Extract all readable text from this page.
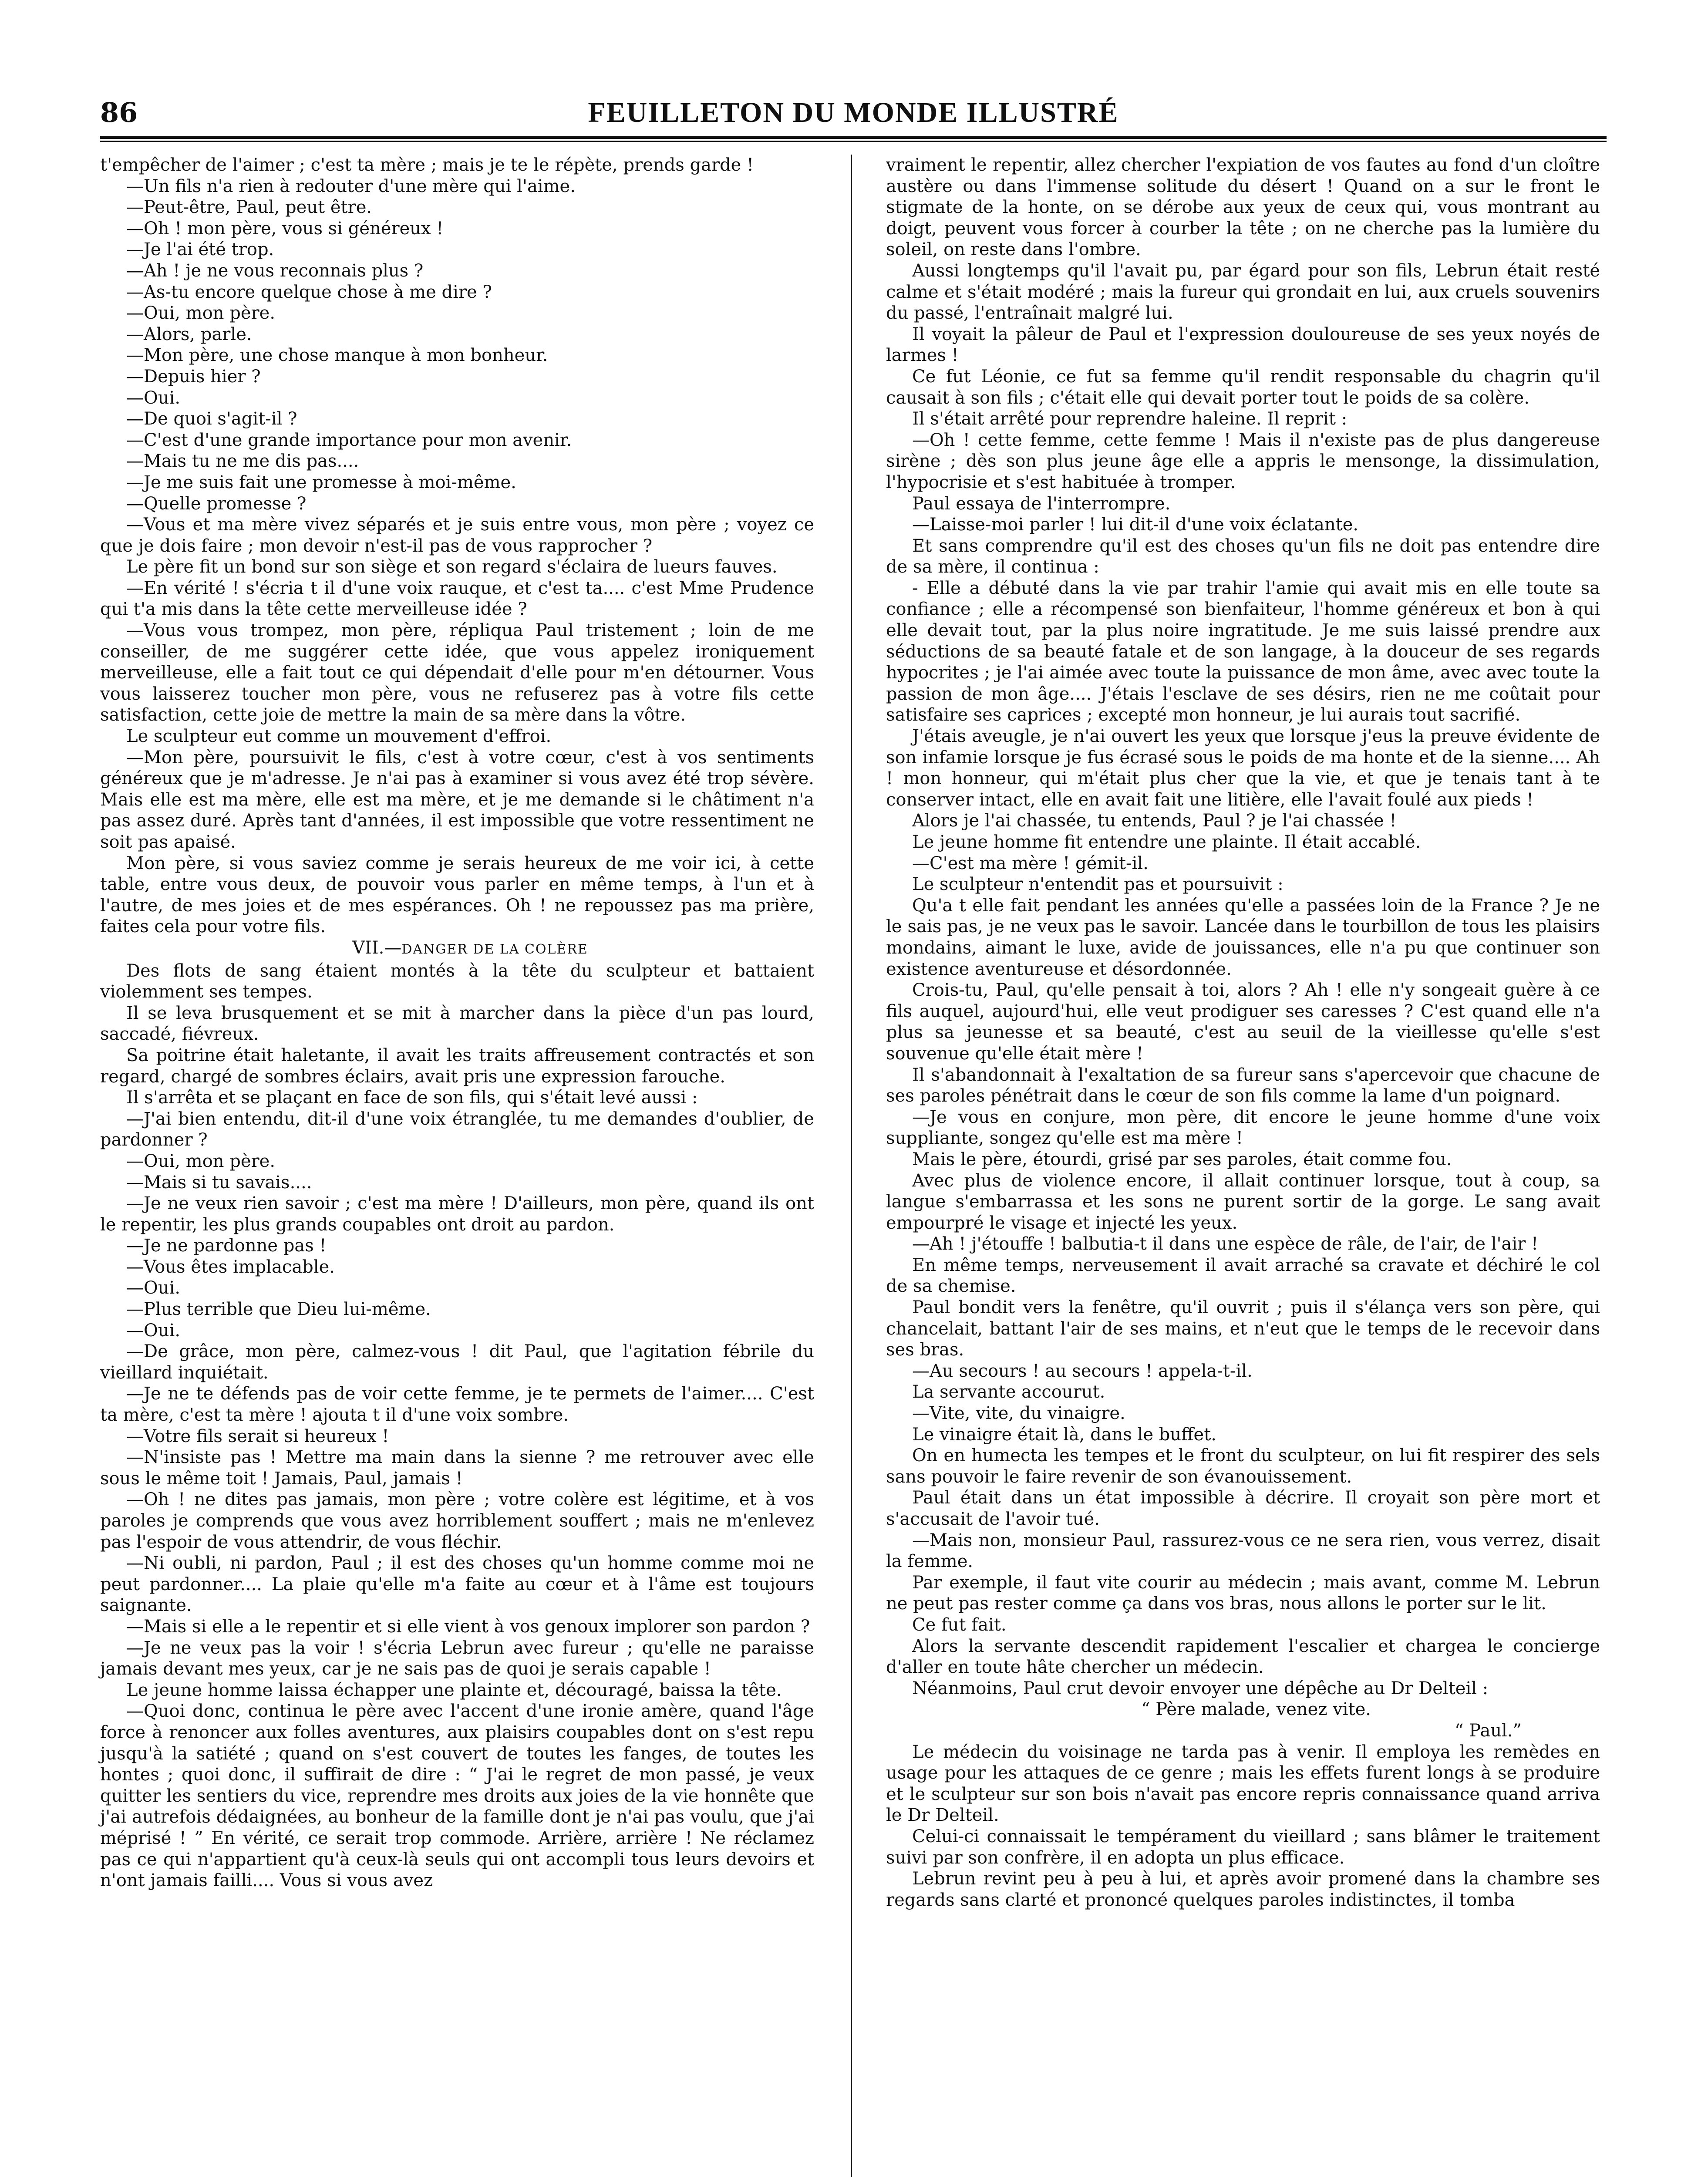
86	FEUILLETON DU MONDE ILLUSTRÉ

t'empêcher de l'aimer ; c'est ta mère ; mais je te le répète, prends garde !

—Un fils n'a rien à redouter d'une mère qui l'aime.

—Peut-être, Paul, peut être.

—Oh ! mon père, vous si généreux !

—Je l'ai été trop.

—Ah ! je ne vous reconnais plus ?

—As-tu encore quelque chose à me dire ?

—Oui, mon père.

—Alors, parle.

—Mon père, une chose manque à mon bonheur.

—Depuis hier ?

—Oui.

—De quoi s'agit-il ?

—C'est d'une grande importance pour mon avenir.

—Mais tu ne me dis pas....

—Je me suis fait une promesse à moi-même.

—Quelle promesse ?

—Vous et ma mère vivez séparés et je suis entre vous, mon père ; voyez ce que je dois faire ; mon devoir n'est-il pas de vous rapprocher ?

Le père fit un bond sur son siège et son regard s'éclaira de lueurs fauves.

—En vérité ! s'écria t il d'une voix rauque, et c'est ta.... c'est Mme Prudence qui t'a mis dans la tête cette merveilleuse idée ?

—Vous vous trompez, mon père, répliqua Paul tristement ; loin de me conseiller, de me suggérer cette idée, que vous appelez ironiquement merveilleuse, elle a fait tout ce qui dépendait d'elle pour m'en détourner. Vous vous laisserez toucher mon père, vous ne refuserez pas à votre fils cette satisfaction, cette joie de mettre la main de sa mère dans la vôtre.

Le sculpteur eut comme un mouvement d'effroi.

—Mon père, poursuivit le fils, c'est à votre cœur, c'est à vos sentiments généreux que je m'adresse. Je n'ai pas à examiner si vous avez été trop sévère. Mais elle est ma mère, elle est ma mère, et je me demande si le châtiment n'a pas assez duré. Après tant d'années, il est impossible que votre ressentiment ne soit pas apaisé.

Mon père, si vous saviez comme je serais heureux de me voir ici, à cette table, entre vous deux, de pouvoir vous parler en même temps, à l'un et à l'autre, de mes joies et de mes espérances. Oh ! ne repoussez pas ma prière, faites cela pour votre fils.

VII.—DANGER DE LA COLÈRE

Des flots de sang étaient montés à la tête du sculpteur et battaient violemment ses tempes.

Il se leva brusquement et se mit à marcher dans la pièce d'un pas lourd, saccadé, fiévreux.

Sa poitrine était haletante, il avait les traits affreusement contractés et son regard, chargé de sombres éclairs, avait pris une expression farouche.

Il s'arrêta et se plaçant en face de son fils, qui s'était levé aussi :

—J'ai bien entendu, dit-il d'une voix étranglée, tu me demandes d'oublier, de pardonner ?

—Oui, mon père.

—Mais si tu savais....

—Je ne veux rien savoir ; c'est ma mère ! D'ailleurs, mon père, quand ils ont le repentir, les plus grands coupables ont droit au pardon.

—Je ne pardonne pas !

—Vous êtes implacable.

—Oui.

—Plus terrible que Dieu lui-même.

—Oui.

—De grâce, mon père, calmez-vous ! dit Paul, que l'agitation fébrile du vieillard inquiétait.

—Je ne te défends pas de voir cette femme, je te permets de l'aimer.... C'est ta mère, c'est ta mère ! ajouta t il d'une voix sombre.

—Votre fils serait si heureux !

—N'insiste pas ! Mettre ma main dans la sienne ? me retrouver avec elle sous le même toit ! Jamais, Paul, jamais !

—Oh ! ne dites pas jamais, mon père ; votre colère est légitime, et à vos paroles je comprends que vous avez horriblement souffert ; mais ne m'enlevez pas l'espoir de vous attendrir, de vous fléchir.

—Ni oubli, ni pardon, Paul ; il est des choses qu'un homme comme moi ne peut pardonner.... La plaie qu'elle m'a faite au cœur et à l'âme est toujours saignante.

—Mais si elle a le repentir et si elle vient à vos genoux implorer son pardon ?

—Je ne veux pas la voir ! s'écria Lebrun avec fureur ; qu'elle ne paraisse jamais devant mes yeux, car je ne sais pas de quoi je serais capable !

Le jeune homme laissa échapper une plainte et, découragé, baissa la tête.

—Quoi donc, continua le père avec l'accent d'une ironie amère, quand l'âge force à renoncer aux folles aventures, aux plaisirs coupables dont on s'est repu jusqu'à la satiété ; quand on s'est couvert de toutes les fanges, de toutes les hontes ; quoi donc, il suffirait de dire : “ J'ai le regret de mon passé, je veux quitter les sentiers du vice, reprendre mes droits aux joies de la vie honnête que j'ai autrefois dédaignées, au bonheur de la famille dont je n'ai pas voulu, que j'ai méprisé ! ” En vérité, ce serait trop commode. Arrière, arrière ! Ne réclamez pas ce qui n'appartient qu'à ceux-là seuls qui ont accompli tous leurs devoirs et n'ont jamais failli.... Vous si vous avez

vraiment le repentir, allez chercher l'expiation de vos fautes au fond d'un cloître austère ou dans l'immense solitude du désert ! Quand on a sur le front le stigmate de la honte, on se dérobe aux yeux de ceux qui, vous montrant au doigt, peuvent vous forcer à courber la tête ; on ne cherche pas la lumière du soleil, on reste dans l'ombre.

Aussi longtemps qu'il l'avait pu, par égard pour son fils, Lebrun était resté calme et s'était modéré ; mais la fureur qui grondait en lui, aux cruels souvenirs du passé, l'entraînait malgré lui.

Il voyait la pâleur de Paul et l'expression douloureuse de ses yeux noyés de larmes !

Ce fut Léonie, ce fut sa femme qu'il rendit responsable du chagrin qu'il causait à son fils ; c'était elle qui devait porter tout le poids de sa colère.

Il s'était arrêté pour reprendre haleine. Il reprit :

—Oh ! cette femme, cette femme ! Mais il n'existe pas de plus dangereuse sirène ; dès son plus jeune âge elle a appris le mensonge, la dissimulation, l'hypocrisie et s'est habituée à tromper.

Paul essaya de l'interrompre.

—Laisse-moi parler ! lui dit-il d'une voix éclatante.

Et sans comprendre qu'il est des choses qu'un fils ne doit pas entendre dire de sa mère, il continua :

- Elle a débuté dans la vie par trahir l'amie qui avait mis en elle toute sa confiance ; elle a récompensé son bienfaiteur, l'homme généreux et bon à qui elle devait tout, par la plus noire ingratitude. Je me suis laissé prendre aux séductions de sa beauté fatale et de son langage, à la douceur de ses regards hypocrites ; je l'ai aimée avec toute la puissance de mon âme, avec avec toute la passion de mon âge.... J'étais l'esclave de ses désirs, rien ne me coûtait pour satisfaire ses caprices ; excepté mon honneur, je lui aurais tout sacrifié.

J'étais aveugle, je n'ai ouvert les yeux que lorsque j'eus la preuve évidente de son infamie lorsque je fus écrasé sous le poids de ma honte et de la sienne.... Ah ! mon honneur, qui m'était plus cher que la vie, et que je tenais tant à te conserver intact, elle en avait fait une litière, elle l'avait foulé aux pieds !

Alors je l'ai chassée, tu entends, Paul ? je l'ai chassée !

Le jeune homme fit entendre une plainte. Il était accablé.

—C'est ma mère ! gémit-il.

Le sculpteur n'entendit pas et poursuivit :

Qu'a t elle fait pendant les années qu'elle a passées loin de la France ? Je ne le sais pas, je ne veux pas le savoir. Lancée dans le tourbillon de tous les plaisirs mondains, aimant le luxe, avide de jouissances, elle n'a pu que continuer son existence aventureuse et désordonnée.

Crois-tu, Paul, qu'elle pensait à toi, alors ? Ah ! elle n'y songeait guère à ce fils auquel, aujourd'hui, elle veut prodiguer ses caresses ? C'est quand elle n'a plus sa jeunesse et sa beauté, c'est au seuil de la vieillesse qu'elle s'est souvenue qu'elle était mère !

Il s'abandonnait à l'exaltation de sa fureur sans s'apercevoir que chacune de ses paroles pénétrait dans le cœur de son fils comme la lame d'un poignard.

—Je vous en conjure, mon père, dit encore le jeune homme d'une voix suppliante, songez qu'elle est ma mère !

Mais le père, étourdi, grisé par ses paroles, était comme fou.

Avec plus de violence encore, il allait continuer lorsque, tout à coup, sa langue s'embarrassa et les sons ne purent sortir de la gorge. Le sang avait empourpré le visage et injecté les yeux.

—Ah ! j'étouffe ! balbutia-t il dans une espèce de râle, de l'air, de l'air !

En même temps, nerveusement il avait arraché sa cravate et déchiré le col de sa chemise.

Paul bondit vers la fenêtre, qu'il ouvrit ; puis il s'élança vers son père, qui chancelait, battant l'air de ses mains, et n'eut que le temps de le recevoir dans ses bras.

—Au secours ! au secours ! appela-t-il.

La servante accourut.

—Vite, vite, du vinaigre.

Le vinaigre était là, dans le buffet.

On en humecta les tempes et le front du sculpteur, on lui fit respirer des sels sans pouvoir le faire revenir de son évanouissement.

Paul était dans un état impossible à décrire. Il croyait son père mort et s'accusait de l'avoir tué.

—Mais non, monsieur Paul, rassurez-vous ce ne sera rien, vous verrez, disait la femme.

Par exemple, il faut vite courir au médecin ; mais avant, comme M. Lebrun ne peut pas rester comme ça dans vos bras, nous allons le porter sur le lit.

Ce fut fait.

Alors la servante descendit rapidement l'escalier et chargea le concierge d'aller en toute hâte chercher un médecin.

Néanmoins, Paul crut devoir envoyer une dépêche au Dr Delteil :

“ Père malade, venez vite.

“ Paul.”

Le médecin du voisinage ne tarda pas à venir. Il employa les remèdes en usage pour les attaques de ce genre ; mais les effets furent longs à se produire et le sculpteur sur son bois n'avait pas encore repris connaissance quand arriva le Dr Delteil.

Celui-ci connaissait le tempérament du vieillard ; sans blâmer le traitement suivi par son confrère, il en adopta un plus efficace.

Lebrun revint peu à peu à lui, et après avoir promené dans la chambre ses regards sans clarté et prononcé quelques paroles indistinctes, il tomba
